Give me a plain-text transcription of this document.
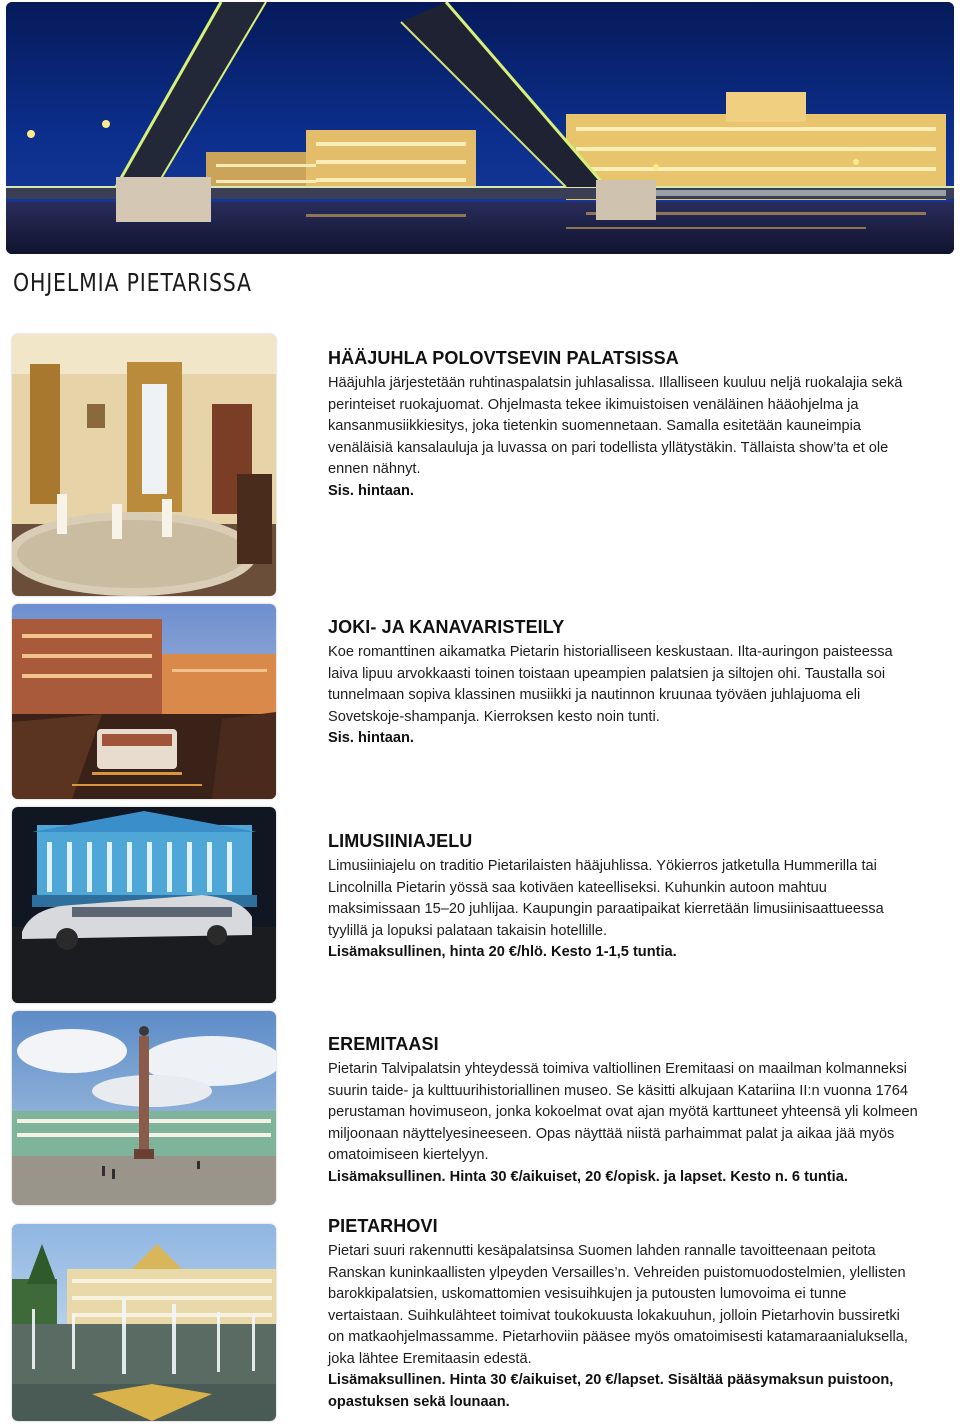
OHJELMIA PIETARISSA
HÄÄJUHLA POLOVTSEVIN PALATSISSA

Hääjuhla järjestetään ruhtinaspalatsin juhlasalissa. Illalliseen kuuluu neljä ruokalajia sekä perinteiset ruokajuomat. Ohjelmasta tekee ikimuistoisen venäläinen hääohjelma ja kansanmusiikkiesitys, joka tietenkin suomennetaan. Samalla esitetään kauneimpia venäläisiä kansalauluja ja luvassa on pari todellista yllätystäkin. Tällaista show’ta et ole ennen nähnyt.

Sis. hintaan.
JOKI- JA KANAVARISTEILY

Koe romanttinen aikamatka Pietarin historialliseen keskustaan. Ilta-auringon paisteessa laiva lipuu arvokkaasti toinen toistaan upeampien palatsien ja siltojen ohi. Taustalla soi tunnelmaan sopiva klassinen musiikki ja nautinnon kruunaa työväen juhlajuoma eli Sovetskoje-shampanja. Kierroksen kesto noin tunti.

Sis. hintaan.
LIMUSIINIAJELU

Limusiiniajelu on traditio Pietarilaisten hääjuhlissa. Yökierros jatketulla Hummerilla tai Lincolnilla Pietarin yössä saa kotiväen kateelliseksi. Kuhunkin autoon mahtuu maksimissaan 15–20 juhlijaa. Kaupungin paraatipaikat kierretään limusiinisaattueessa tyylillä ja lopuksi palataan takaisin hotellille.

Lisämaksullinen, hinta 20 €/hlö. Kesto 1-1,5 tuntia.
EREMITAASI

Pietarin Talvipalatsin yhteydessä toimiva valtiollinen Eremitaasi on maailman kolmanneksi suurin taide- ja kulttuurihistoriallinen museo. Se käsitti alkujaan Katariina II:n vuonna 1764 perustaman hovimuseon, jonka kokoelmat ovat ajan myötä karttuneet yhteensä yli kolmeen miljoonaan näyttelyesineeseen. Opas näyttää niistä parhaimmat palat ja aikaa jää myös omatoimiseen kiertelyyn.

Lisämaksullinen. Hinta 30 €/aikuiset, 20 €/opisk. ja lapset. Kesto n. 6 tuntia.
PIETARHOVI

Pietari suuri rakennutti kesäpalatsinsa Suomen lahden rannalle tavoitteenaan peitota Ranskan kuninkaallisten ylpeyden Versailles’n. Vehreiden puistomuodostelmien, ylellisten barokkipalatsien, uskomattomien vesisuihkujen ja putousten lumovoima ei tunne vertaistaan. Suihkulähteet toimivat toukokuusta lokakuuhun, jolloin Pietarhovin bussiretki on matkaohjelmassamme. Pietarhoviin pääsee myös omatoimisesti katamaraanialuksella, joka lähtee Eremitaasin edestä.

Lisämaksullinen. Hinta 30 €/aikuiset, 20 €/lapset. Sisältää pääsymaksun puistoon, opastuksen sekä lounaan.
